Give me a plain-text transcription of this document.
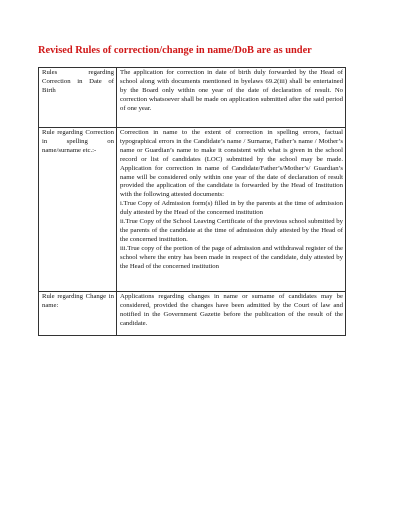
Revised Rules of correction/change in name/DoB are as under
Rules regarding Correction in Date of Birth	The application for correction in date of birth duly forwarded by the Head of school along with documents mentioned in byelaws 69.2(iii) shall be entertained by the Board only within one year of the date of declaration of result. No correction whatsoever shall be made on application submitted after the said period of one year.

Rule regarding Correction in spelling on name/surname etc.:-	Correction in name to the extent of correction in spelling errors, factual typographical errors in the Candidate’s name / Surname, Father’s name / Mother’s name or Guardian’s name to make it consistent with what is given in the school record or list of candidates (LOC) submitted by the school may be made. Application for correction in name of Candidate/Father’s/Mother’s/ Guardian’s name will be considered only within one year of the date of declaration of result provided the application of the candidate is forwarded by the Head of Institution with the following attested documents:
i.True Copy of Admission form(s) filled in by the parents at the time of admission duly attested by the Head of the concerned institution
ii.True Copy of the School Leaving Certificate of the previous school submitted by the parents of the candidate at the time of admission duly attested by the Head of the concerned institution.
iii.True copy of the portion of the page of admission and withdrawal register of the school where the entry has been made in respect of the candidate, duly attested by the Head of the concerned institution

Rule regarding Change in name:	Applications regarding changes in name or surname of candidates may be considered, provided the changes have been admitted by the Court of law and notified in the Government Gazette before the publication of the result of the candidate.
